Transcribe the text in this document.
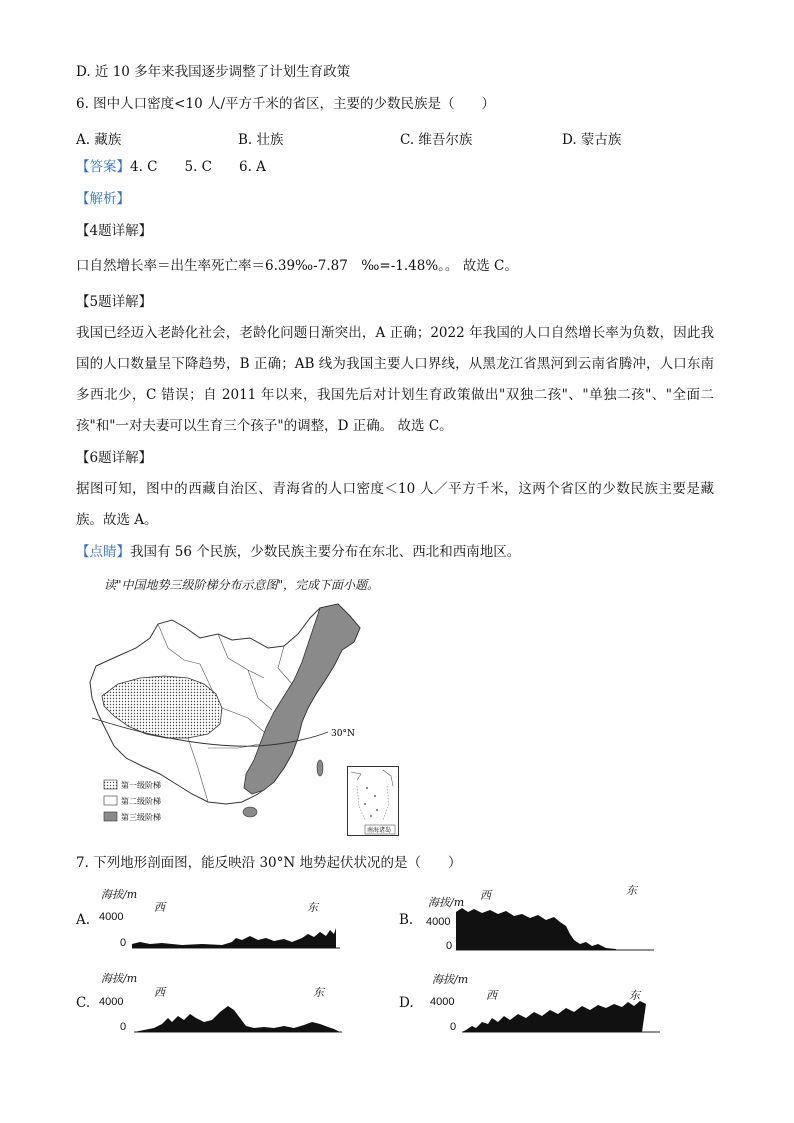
D. 近 10 多年来我国逐步调整了计划生育政策
6. 图中人口密度<10 人/平方千米的省区，主要的少数民族是（　　）
A. 藏族	B. 壮族	C. 维吾尔族	D. 蒙古族
【答案】4. C　　5. C　　6. A
【解析】
【4题详解】
口自然增长率＝出生率死亡率＝6.39‰-7.87　‰=-1.48%。。 故选 C。
【5题详解】
我国已经迈入老龄化社会，老龄化问题日渐突出，A 正确；2022 年我国的人口自然增长率为负数，因此我国的人口数量呈下降趋势，B 正确；AB 线为我国主要人口界线，从黑龙江省黑河到云南省腾冲，人口东南多西北少，C 错误；自 2011 年以来，我国先后对计划生育政策做出"双独二孩"、"单独二孩"、"全面二孩"和"一对夫妻可以生育三个孩子"的调整，D 正确。 故选 C。
【6题详解】
据图可知，图中的西藏自治区、青海省的人口密度＜10 人／平方千米，这两个省区的少数民族主要是藏族。故选 A。
【点睛】我国有 56 个民族，少数民族主要分布在东北、西北和西南地区。
读"中国地势三级阶梯分布示意图"，完成下面小题。
30°N
第一级阶梯
第二级阶梯
第三级阶梯
南海诸岛
7. 下列地形剖面图，能反映沿 30°N 地势起伏状况的是（　　）
A.
海拔/m
4000
0
西	东
B.
海拔/m
4000
0
西	东
C.
海拔/m
4000
0
西	东
D.
海拔/m
4000
0
西	东
